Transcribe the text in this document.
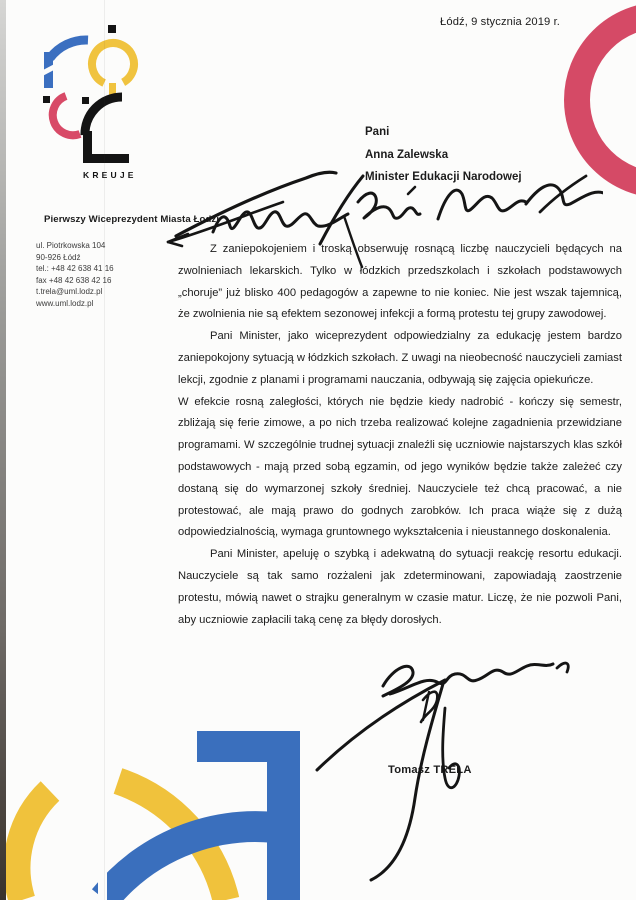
KREUJE
Łódź, 9 stycznia 2019 r.
Pierwszy Wiceprezydent Miasta Łodzi
ul. Piotrkowska 104
90-926 Łódź
tel.: +48 42 638 41 16
fax +48 42 638 42 16
t.trela@uml.lodz.pl
www.uml.lodz.pl
Pani
Anna Zalewska
Minister Edukacji Narodowej

Z zaniepokojeniem i troską obserwuję rosnącą liczbę nauczycieli będących na zwolnieniach lekarskich. Tylko w łódzkich przedszkolach i szkołach podstawowych „choruje” już blisko 400 pedagogów a zapewne to nie koniec. Nie jest wszak tajemnicą, że zwolnienia nie są efektem sezonowej infekcji a formą protestu tej grupy zawodowej.

Pani Minister, jako wiceprezydent odpowiedzialny za edukację jestem bardzo zaniepokojony sytuacją w łódzkich szkołach. Z uwagi na nieobecność nauczycieli zamiast lekcji, zgodnie z planami i programami nauczania, odbywają się zajęcia opiekuńcze.

W efekcie rosną zaległości, których nie będzie kiedy nadrobić - kończy się semestr, zbliżają się ferie zimowe, a po nich trzeba realizować kolejne zagadnienia przewidziane programami. W szczególnie trudnej sytuacji znaleźli się uczniowie najstarszych klas szkół podstawowych - mają przed sobą egzamin, od jego wyników będzie także zależeć czy dostaną się do wymarzonej szkoły średniej. Nauczyciele też chcą pracować, a nie protestować, ale mają prawo do godnych zarobków. Ich praca wiąże się z dużą odpowiedzialnością, wymaga gruntownego wykształcenia i nieustannego doskonalenia.

Pani Minister, apeluję o szybką i adekwatną do sytuacji reakcję resortu edukacji. Nauczyciele są tak samo rozżaleni jak zdeterminowani, zapowiadają zaostrzenie protestu, mówią nawet o strajku generalnym w czasie matur. Liczę, że nie pozwoli Pani, aby uczniowie zapłacili taką cenę za błędy dorosłych.

Tomasz TRELA
